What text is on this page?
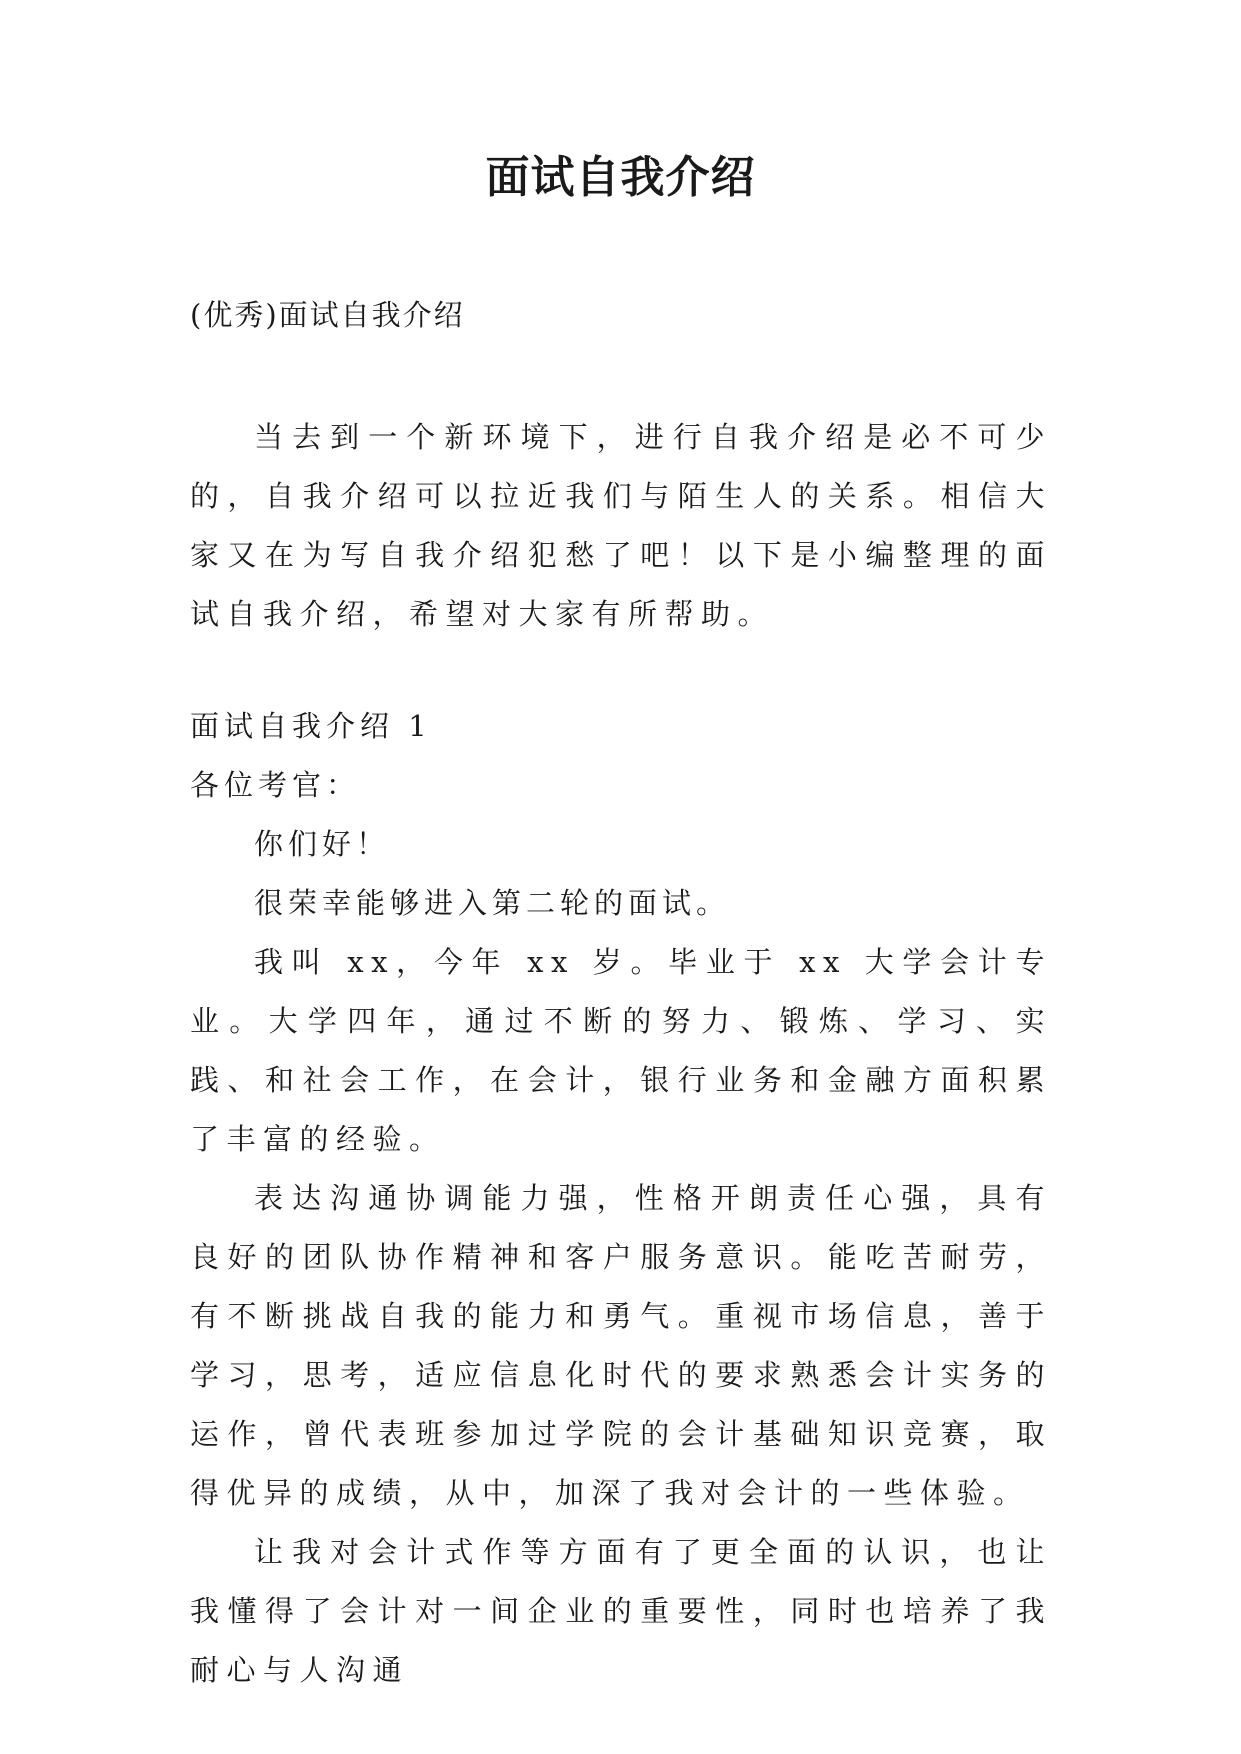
面试自我介绍
(优秀)面试自我介绍

当去到一个新环境下，进行自我介绍是必不可少的，自我介绍可以拉近我们与陌生人的关系。相信大家又在为写自我介绍犯愁了吧！以下是小编整理的面试自我介绍，希望对大家有所帮助。

面试自我介绍 1

各位考官：

你们好！

很荣幸能够进入第二轮的面试。

我叫 xx，今年 xx 岁。毕业于 xx 大学会计专业。大学四年，通过不断的努力、锻炼、学习、实践、和社会工作，在会计，银行业务和金融方面积累了丰富的经验。

表达沟通协调能力强，性格开朗责任心强，具有良好的团队协作精神和客户服务意识。能吃苦耐劳，有不断挑战自我的能力和勇气。重视市场信息，善于学习，思考，适应信息化时代的要求熟悉会计实务的运作，曾代表班参加过学院的会计基础知识竞赛，取得优异的成绩，从中，加深了我对会计的一些体验。

让我对会计式作等方面有了更全面的认识，也让我懂得了会计对一间企业的重要性，同时也培养了我耐心与人沟通
